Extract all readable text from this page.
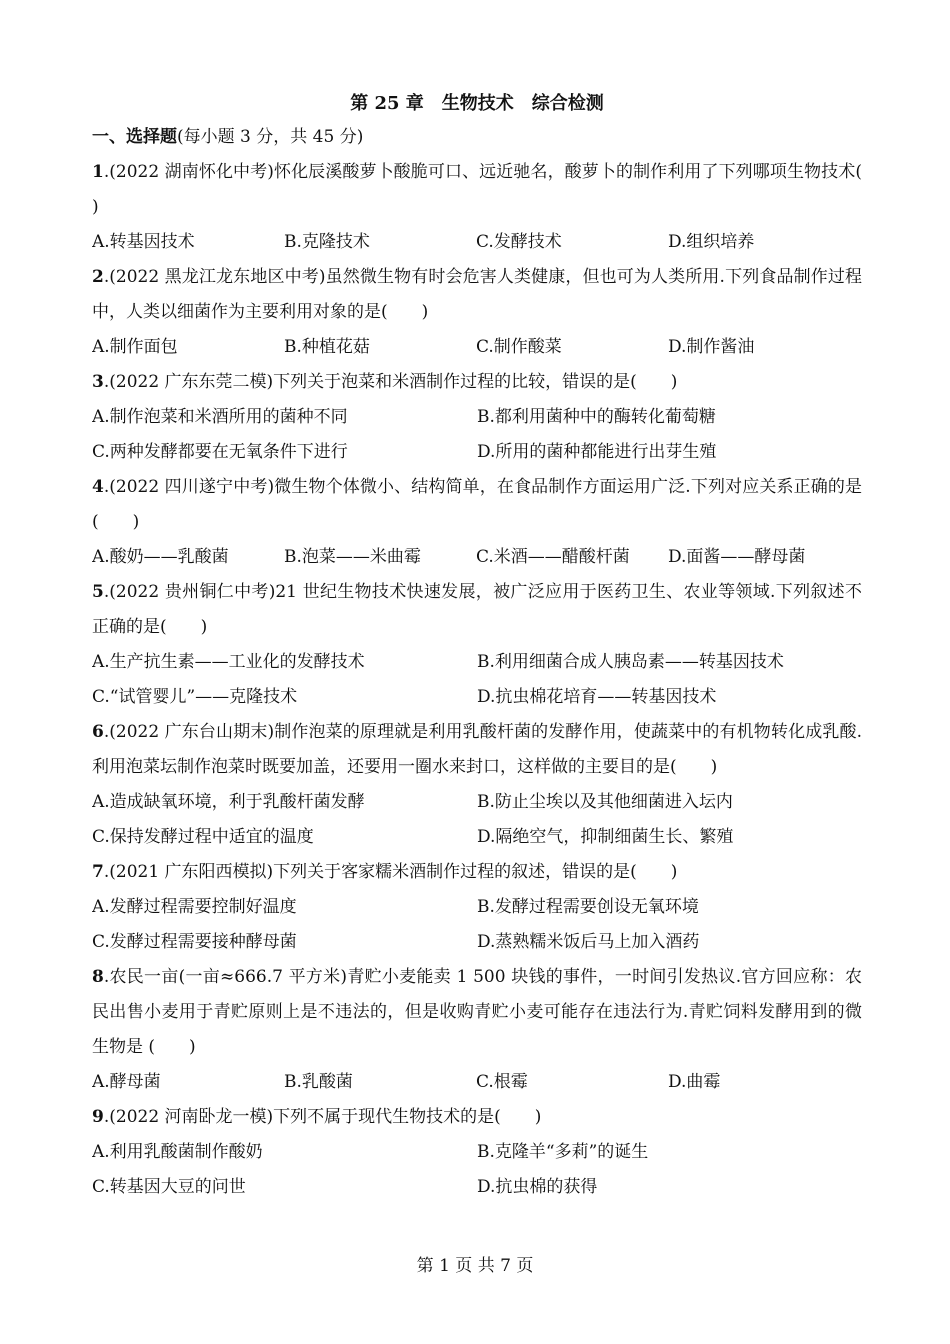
第 25 章　生物技术　综合检测

一、选择题(每小题 3 分，共 45 分)

1.(2022 湖南怀化中考)怀化辰溪酸萝卜酸脆可口、远近驰名，酸萝卜的制作利用了下列哪项生物技术(　　)

A.转基因技术	B.克隆技术	C.发酵技术	D.组织培养

2.(2022 黑龙江龙东地区中考)虽然微生物有时会危害人类健康，但也可为人类所用.下列食品制作过程中，人类以细菌作为主要利用对象的是(　　)

A.制作面包	B.种植花菇	C.制作酸菜	D.制作酱油

3.(2022 广东东莞二模)下列关于泡菜和米酒制作过程的比较，错误的是(　　)

A.制作泡菜和米酒所用的菌种不同	B.都利用菌种中的酶转化葡萄糖
C.两种发酵都要在无氧条件下进行	D.所用的菌种都能进行出芽生殖

4.(2022 四川遂宁中考)微生物个体微小、结构简单，在食品制作方面运用广泛.下列对应关系正确的是(　　)

A.酸奶——乳酸菌	B.泡菜——米曲霉	C.米酒——醋酸杆菌	D.面酱——酵母菌

5.(2022 贵州铜仁中考)21 世纪生物技术快速发展，被广泛应用于医药卫生、农业等领域.下列叙述不正确的是(　　)

A.生产抗生素——工业化的发酵技术	B.利用细菌合成人胰岛素——转基因技术
C.“试管婴儿”——克隆技术	D.抗虫棉花培育——转基因技术

6.(2022 广东台山期末)制作泡菜的原理就是利用乳酸杆菌的发酵作用，使蔬菜中的有机物转化成乳酸.利用泡菜坛制作泡菜时既要加盖，还要用一圈水来封口，这样做的主要目的是(　　)

A.造成缺氧环境，利于乳酸杆菌发酵	B.防止尘埃以及其他细菌进入坛内
C.保持发酵过程中适宜的温度	D.隔绝空气，抑制细菌生长、繁殖

7.(2021 广东阳西模拟)下列关于客家糯米酒制作过程的叙述，错误的是(　　)

A.发酵过程需要控制好温度	B.发酵过程需要创设无氧环境
C.发酵过程需要接种酵母菌	D.蒸熟糯米饭后马上加入酒药

8.农民一亩(一亩≈666.7 平方米)青贮小麦能卖 1 500 块钱的事件，一时间引发热议.官方回应称：农民出售小麦用于青贮原则上是不违法的，但是收购青贮小麦可能存在违法行为.青贮饲料发酵用到的微生物是 (　　)

A.酵母菌	B.乳酸菌	C.根霉	D.曲霉

9.(2022 河南卧龙一模)下列不属于现代生物技术的是(　　)

A.利用乳酸菌制作酸奶	B.克隆羊“多莉”的诞生
C.转基因大豆的问世	D.抗虫棉的获得
第 1 页 共 7 页
